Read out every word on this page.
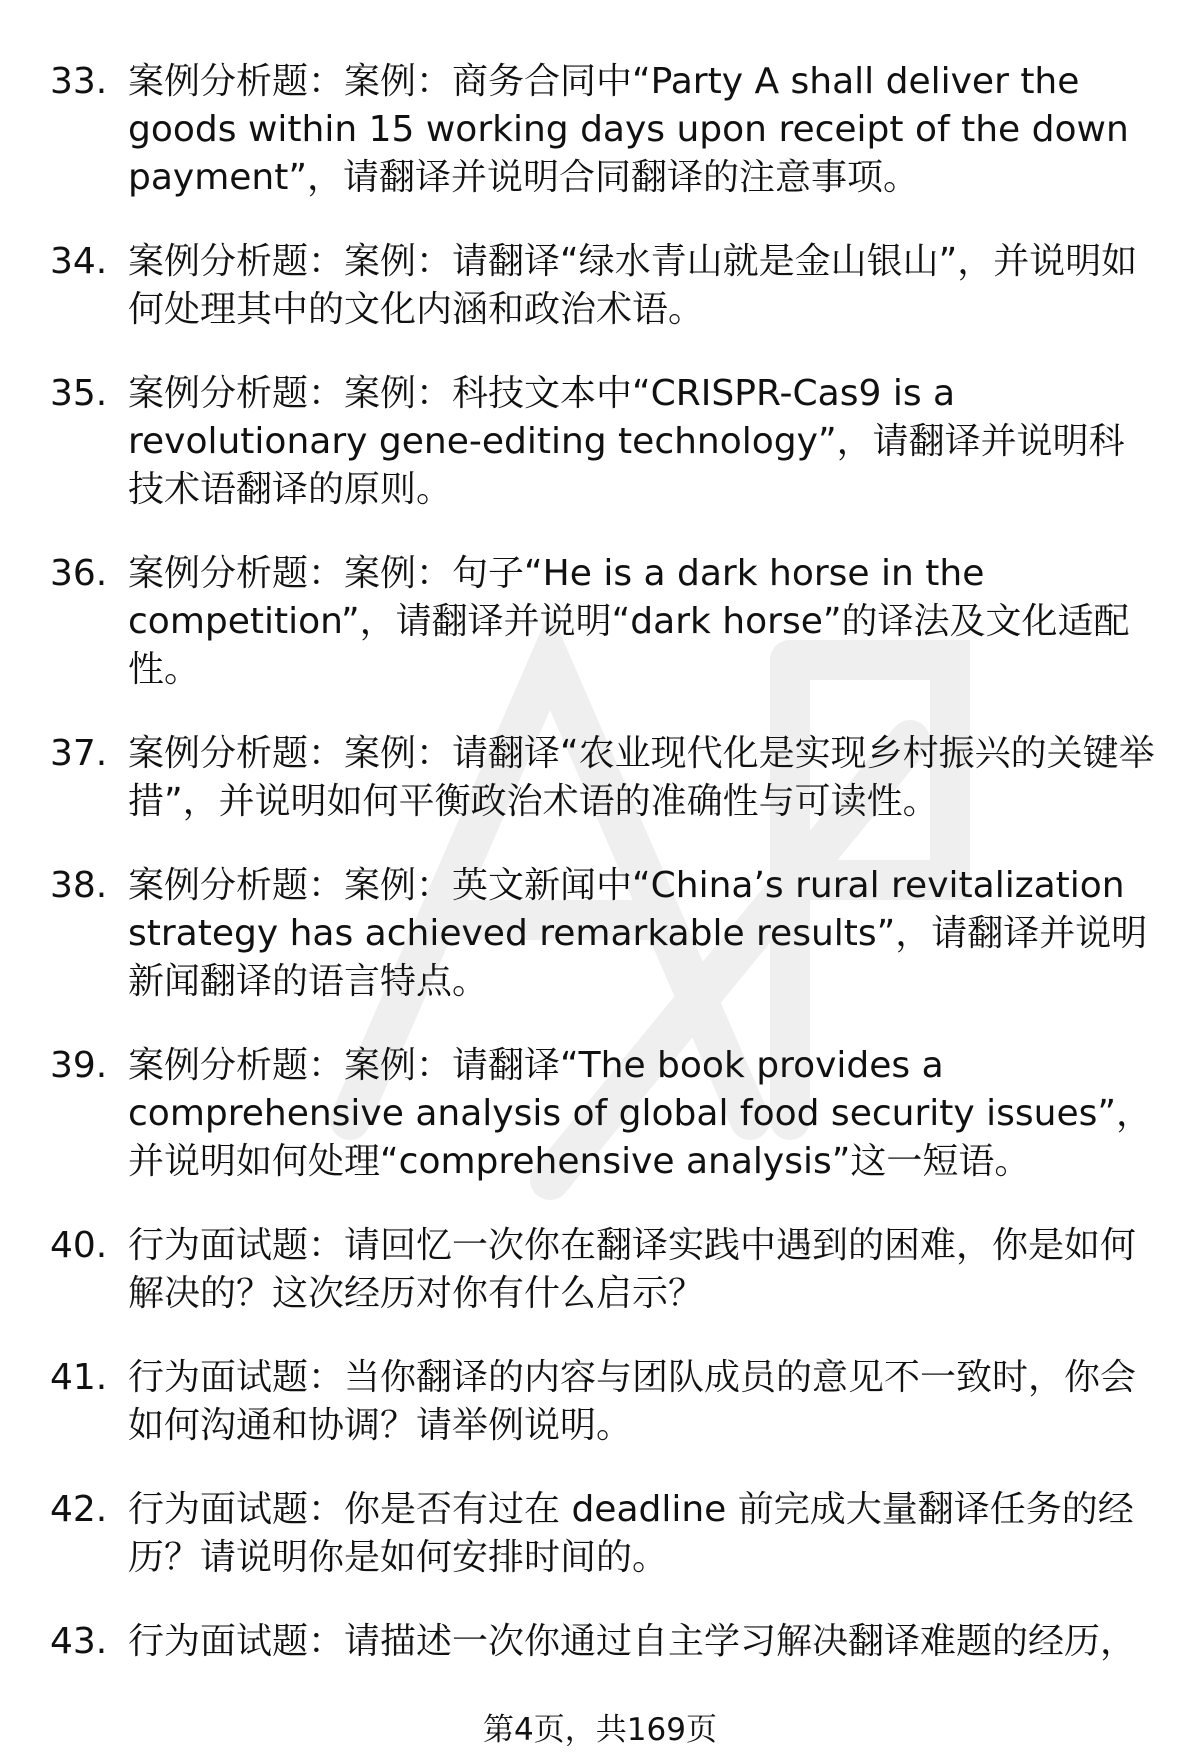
33. 案例分析题：案例：商务合同中“Party A shall deliver the goods within 15 working days upon receipt of the down payment”，请翻译并说明合同翻译的注意事项。
34. 案例分析题：案例：请翻译“绿水青山就是金山银山”，并说明如何处理其中的文化内涵和政治术语。
35. 案例分析题：案例：科技文本中“CRISPR-Cas9 is a revolutionary gene-editing technology”，请翻译并说明科技术语翻译的原则。
36. 案例分析题：案例：句子“He is a dark horse in the competition”，请翻译并说明“dark horse”的译法及文化适配性。
37. 案例分析题：案例：请翻译“农业现代化是实现乡村振兴的关键举措”，并说明如何平衡政治术语的准确性与可读性。
38. 案例分析题：案例：英文新闻中“China’s rural revitalization strategy has achieved remarkable results”，请翻译并说明新闻翻译的语言特点。
39. 案例分析题：案例：请翻译“The book provides a comprehensive analysis of global food security issues”，并说明如何处理“comprehensive analysis”这一短语。
40. 行为面试题：请回忆一次你在翻译实践中遇到的困难，你是如何解决的？这次经历对你有什么启示？
41. 行为面试题：当你翻译的内容与团队成员的意见不一致时，你会如何沟通和协调？请举例说明。
42. 行为面试题：你是否有过在 deadline 前完成大量翻译任务的经历？请说明你是如何安排时间的。
43. 行为面试题：请描述一次你通过自主学习解决翻译难题的经历，
第4页，共169页
